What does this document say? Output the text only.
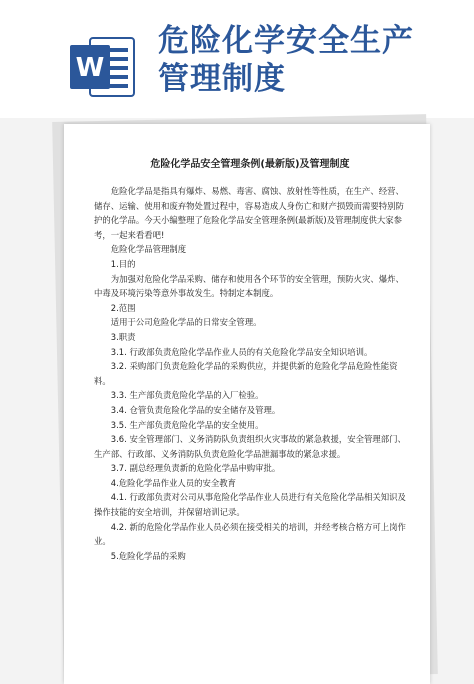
W
危险化学安全生产
管理制度
危险化学品安全管理条例(最新版)及管理制度

危险化学品是指具有爆炸、易燃、毒害、腐蚀、放射性等性质，在生产、经营、储存、运输、使用和废弃物处置过程中，容易造成人身伤亡和财产损毁而需要特别防护的化学品。今天小编整理了危险化学品安全管理条例(最新版)及管理制度供大家参考，一起来看看吧!

危险化学品管理制度

1.目的

为加强对危险化学品采购、储存和使用各个环节的安全管理，预防火灾、爆炸、中毒及环境污染等意外事故发生。特制定本制度。

2.范围

适用于公司危险化学品的日常安全管理。

3.职责

3.1. 行政部负责危险化学品作业人员的有关危险化学品安全知识培训。

3.2. 采购部门负责危险化学品的采购供应，并提供新的危险化学品危险性能资料。

3.3. 生产部负责危险化学品的入厂检验。

3.4. 仓管负责危险化学品的安全储存及管理。

3.5. 生产部负责危险化学品的安全使用。

3.6. 安全管理部门、义务消防队负责组织火灾事故的紧急救援，安全管理部门、生产部、行政部、义务消防队负责危险化学品泄漏事故的紧急求援。

3.7. 副总经理负责新的危险化学品申购审批。

4.危险化学品作业人员的安全教育

4.1. 行政部负责对公司从事危险化学品作业人员进行有关危险化学品相关知识及操作技能的安全培训，并保留培训记录。

4.2. 新的危险化学品作业人员必须在接受相关的培训，并经考核合格方可上岗作业。

5.危险化学品的采购
